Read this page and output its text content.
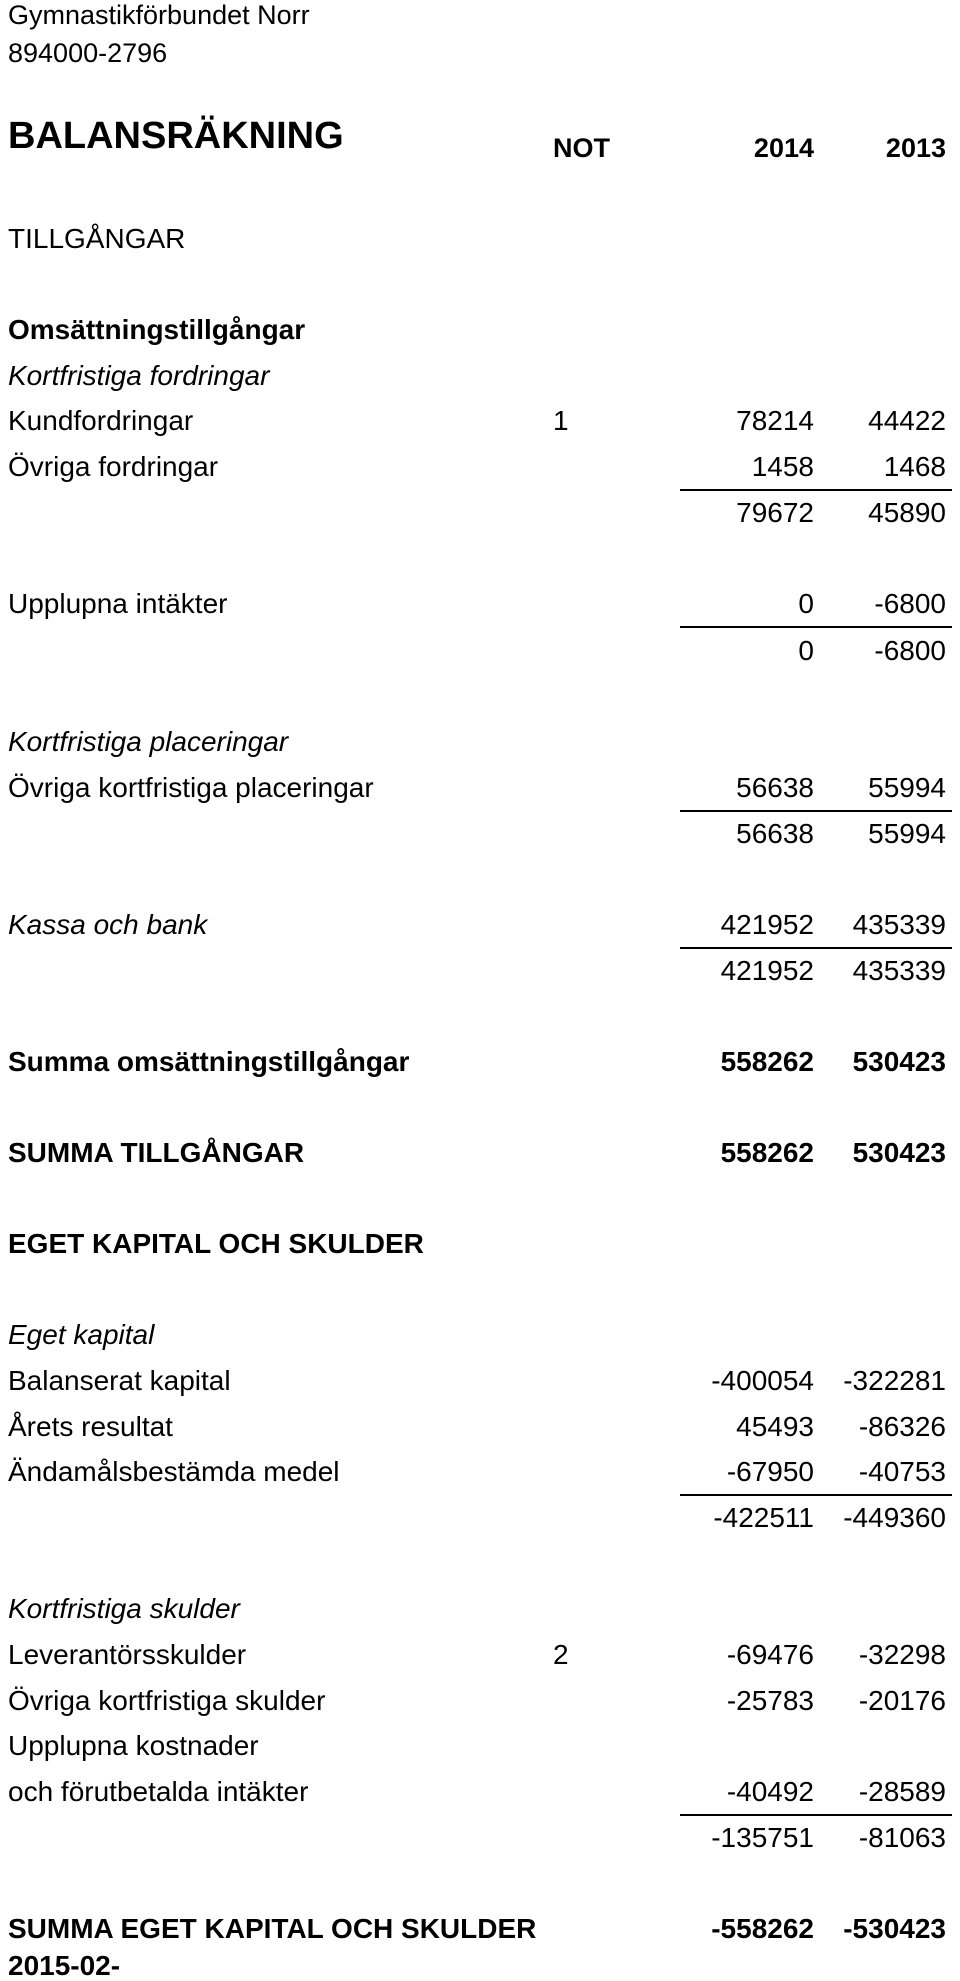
Gymnastikförbundet Norr
894000-2796
BALANSRÄKNING	NOT	2014	2013
TILLGÅNGAR
Omsättningstillgångar
Kortfristiga fordringar
Kundfordringar	1	78214 44422
Övriga fordringar	1458 1468
79672 45890
Upplupna intäkter	0 -6800
0 -6800
Kortfristiga placeringar
Övriga kortfristiga placeringar	56638 55994
56638 55994
Kassa och bank	421952 435339
421952 435339
Summa omsättningstillgångar	558262 530423
SUMMA TILLGÅNGAR	558262 530423
EGET KAPITAL OCH SKULDER
Eget kapital
Balanserat kapital	-400054 -322281
Årets resultat	45493 -86326
Ändamålsbestämda medel	-67950 -40753
-422511 -449360
Kortfristiga skulder
Leverantörsskulder	2	-69476 -32298
Övriga kortfristiga skulder	-25783 -20176
Upplupna kostnader
och förutbetalda intäkter	-40492 -28589
-135751 -81063
SUMMA EGET KAPITAL OCH SKULDER	-558262 -530423
2015-02-
